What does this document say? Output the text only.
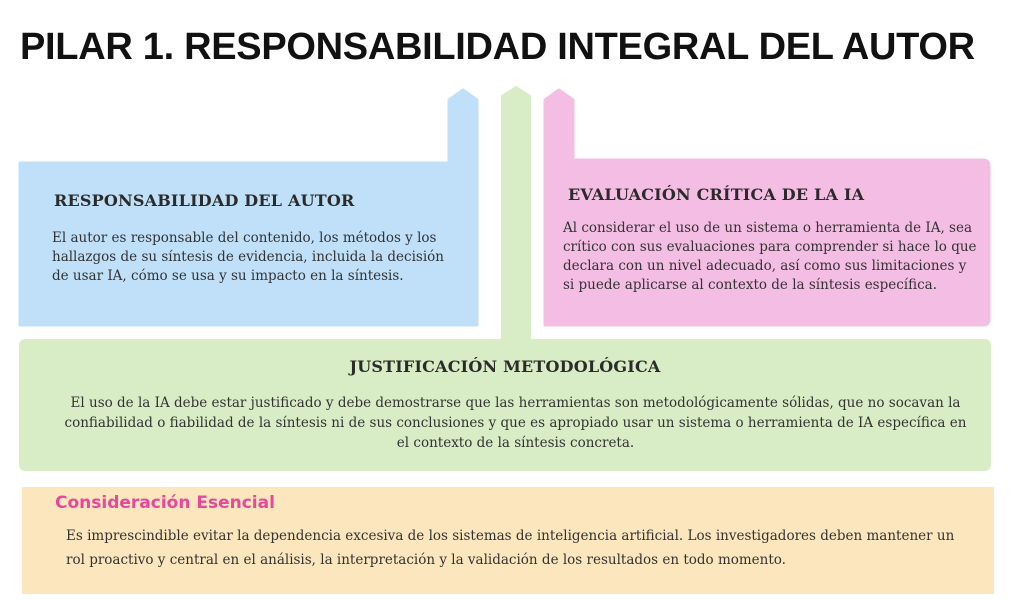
PILAR 1. RESPONSABILIDAD INTEGRAL DEL AUTOR
RESPONSABILIDAD DEL AUTOR
El autor es responsable del contenido, los métodos y los hallazgos de su síntesis de evidencia, incluida la decisión de usar IA, cómo se usa y su impacto en la síntesis.
EVALUACIÓN CRÍTICA DE LA IA
Al considerar el uso de un sistema o herramienta de IA, sea crítico con sus evaluaciones para comprender si hace lo que declara con un nivel adecuado, así como sus limitaciones y si puede aplicarse al contexto de la síntesis específica.
JUSTIFICACIÓN METODOLÓGICA
El uso de la IA debe estar justificado y debe demostrarse que las herramientas son metodológicamente sólidas, que no socavan la confiabilidad o fiabilidad de la síntesis ni de sus conclusiones y que es apropiado usar un sistema o herramienta de IA específica en el contexto de la síntesis concreta.
Consideración Esencial
Es imprescindible evitar la dependencia excesiva de los sistemas de inteligencia artificial. Los investigadores deben mantener un rol proactivo y central en el análisis, la interpretación y la validación de los resultados en todo momento.
